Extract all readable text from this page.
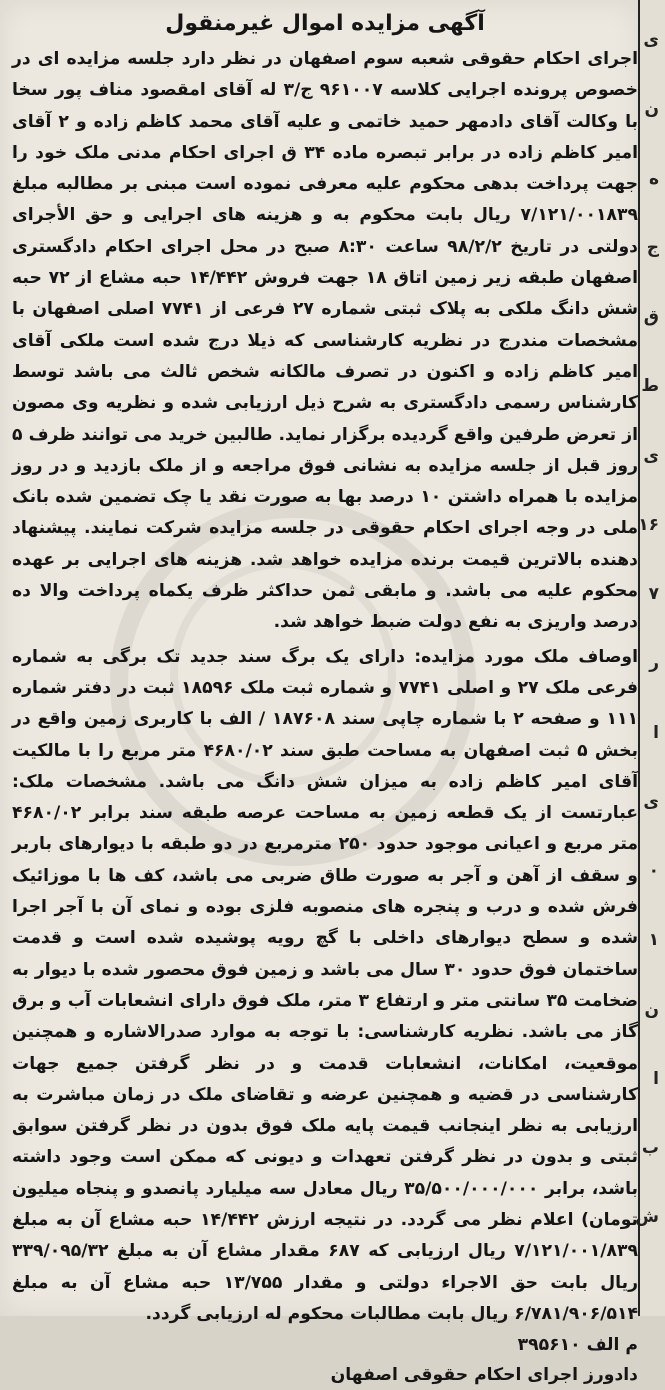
ی
ن
ه
ج
ق
ط
ی
۱۶
۷
ر
ا
ی
۰
۱
ن
ا
ب
ش
آگهی مزایده اموال غیرمنقول

اجرای احکام حقوقی شعبه سوم اصفهان در نظر دارد جلسه مزایده ای در خصوص پرونده اجرایی کلاسه ۹۶۱۰۰۷ ج/۳ له آقای امقصود مناف پور سخا با وکالت آقای دادمهر حمید خاتمی و علیه آقای محمد کاظم زاده و ۲ آقای امیر کاظم زاده در برابر تبصره ماده ۳۴ ق اجرای احکام مدنی ملک خود را جهت پرداخت بدهی محکوم علیه معرفی نموده است مبنی بر مطالبه مبلغ ۷/۱۲۱/۰۰۱۸۳۹ ریال بابت محکوم به و هزینه های اجرایی و حق الأجرای دولتی در تاریخ ۹۸/۲/۲ ساعت ۸:۳۰ صبح در محل اجرای احکام دادگستری اصفهان طبقه زیر زمین اتاق ۱۸ جهت فروش ۱۴/۴۴۲ حبه مشاع از ۷۲ حبه شش دانگ ملکی به پلاک ثبتی شماره ۲۷ فرعی از ۷۷۴۱ اصلی اصفهان با مشخصات مندرج در نظریه کارشناسی که ذیلا درج شده است ملکی آقای امیر کاظم زاده و اکنون در تصرف مالکانه شخص ثالث می باشد توسط کارشناس رسمی دادگستری به شرح ذیل ارزیابی شده و نظریه وی مصون از تعرض طرفین واقع گردیده برگزار نماید. طالبین خرید می توانند ظرف ۵ روز قبل از جلسه مزایده به نشانی فوق مراجعه و از ملک بازدید و در روز مزایده با همراه داشتن ۱۰ درصد بها به صورت نقد یا چک تضمین شده بانک ملی در وجه اجرای احکام حقوقی در جلسه مزایده شرکت نمایند. پیشنهاد دهنده بالاترین قیمت برنده مزایده خواهد شد. هزینه های اجرایی بر عهده محکوم علیه می باشد. و مابقی ثمن حداکثر ظرف یکماه پرداخت والا ده درصد واریزی به نفع دولت ضبط خواهد شد.

اوصاف ملک مورد مزایده: دارای یک برگ سند جدید تک برگی به شماره فرعی ملک ۲۷ و اصلی ۷۷۴۱ و شماره ثبت ملک ۱۸۵۹۶ ثبت در دفتر شماره ۱۱۱ و صفحه ۲ با شماره چاپی سند ۱۸۷۶۰۸ / الف با کاربری زمین واقع در بخش ۵ ثبت اصفهان به مساحت طبق سند ۴۶۸۰/۰۲ متر مربع را با مالکیت آقای امیر کاظم زاده به میزان شش دانگ می باشد. مشخصات ملک: عبارتست از یک قطعه زمین به مساحت عرصه طبقه سند برابر ۴۶۸۰/۰۲ متر مربع و اعیانی موجود حدود ۲۵۰ مترمربع در دو طبقه با دیوارهای باربر و سقف از آهن و آجر به صورت طاق ضربی می باشد، کف ها با موزائیک فرش شده و درب و پنجره های منصوبه فلزی بوده و نمای آن با آجر اجرا شده و سطح دیوارهای داخلی با گچ رویه پوشیده شده است و قدمت ساختمان فوق حدود ۳۰ سال می باشد و زمین فوق محصور شده با دیوار به ضخامت ۳۵ سانتی متر و ارتفاع ۳ متر، ملک فوق دارای انشعابات آب و برق گاز می باشد. نظریه کارشناسی: با توجه به موارد صدرالاشاره و همچنین موقعیت، امکانات، انشعابات قدمت و در نظر گرفتن جمیع جهات کارشناسی در قضیه و همچنین عرضه و تقاضای ملک در زمان مباشرت به ارزیابی به نظر اینجانب قیمت پایه ملک فوق بدون در نظر گرفتن سوابق ثبتی و بدون در نظر گرفتن تعهدات و دیونی که ممکن است وجود داشته باشد، برابر ۳۵/۵۰۰/۰۰۰/۰۰۰ ریال معادل سه میلیارد پانصدو و پنجاه میلیون تومان) اعلام نظر می گردد. در نتیجه ارزش ۱۴/۴۴۲ حبه مشاع آن به مبلغ ۷/۱۲۱/۰۰۱/۸۳۹ ریال ارزیابی که ۶۸۷ مقدار مشاع آن به مبلغ ۳۳۹/۰۹۵/۳۲ ریال بابت حق الاجراء دولتی و مقدار ۱۳/۷۵۵ حبه مشاع آن به مبلغ ۶/۷۸۱/۹۰۶/۵۱۴ ریال بابت مطالبات محکوم له ارزیابی گردد.

م الف ۳۹۵۶۱۰

دادورز اجرای احکام حقوقی اصفهان
